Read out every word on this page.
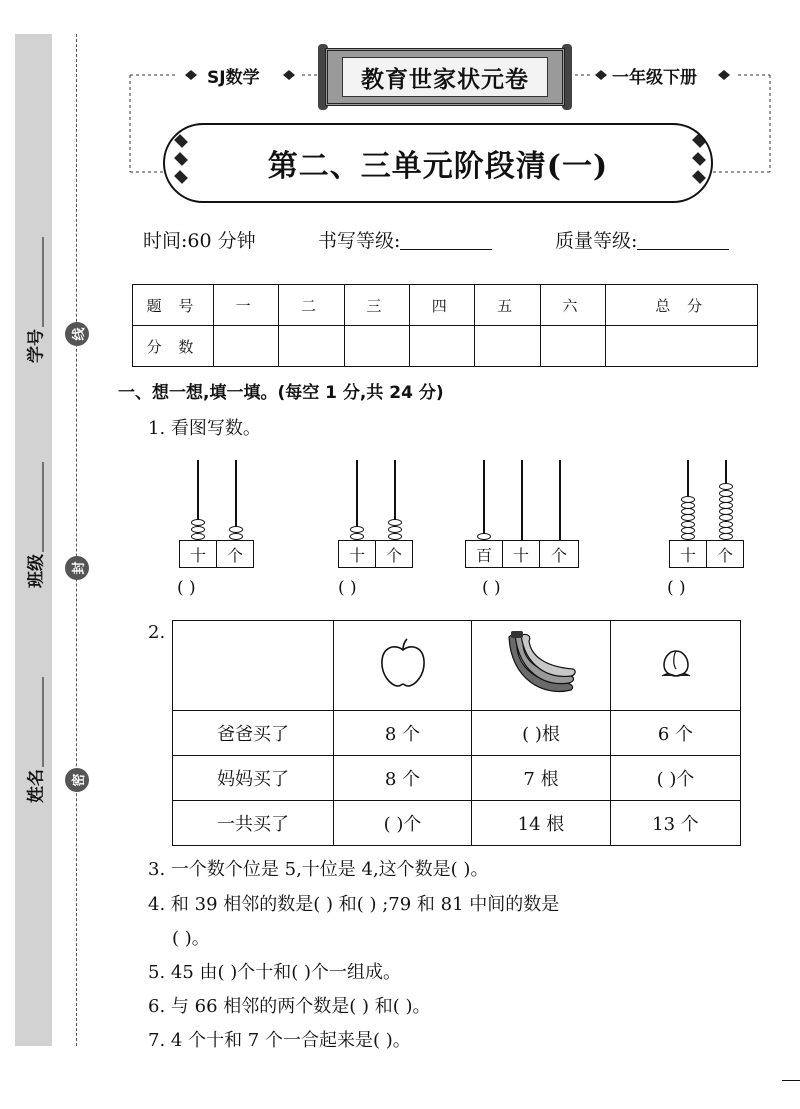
学号
班级
姓名
线
封
密
SJ数学	一年级下册
教育世家状元卷
第二、三单元阶段清(一)
时间:60 分钟	书写等级:	质量等级:
题 号	一	二	三	四	五	六	总 分
分 数							
一、想一想,填一填。(每空 1 分,共 24 分)
1. 看图写数。
十	个
( )
十	个
( )
百	十	个
( )
十	个
( )
2.

爸爸买了	8 个	( )根	6 个
妈妈买了	8 个	7 根	( )个
一共买了	( )个	14 根	13 个
3. 一个数个位是 5,十位是 4,这个数是( )。
4. 和 39 相邻的数是( ) 和( ) ;79 和 81 中间的数是
( )。
5. 45 由( )个十和( )个一组成。
6. 与 66 相邻的两个数是( ) 和( )。
7. 4 个十和 7 个一合起来是( )。
